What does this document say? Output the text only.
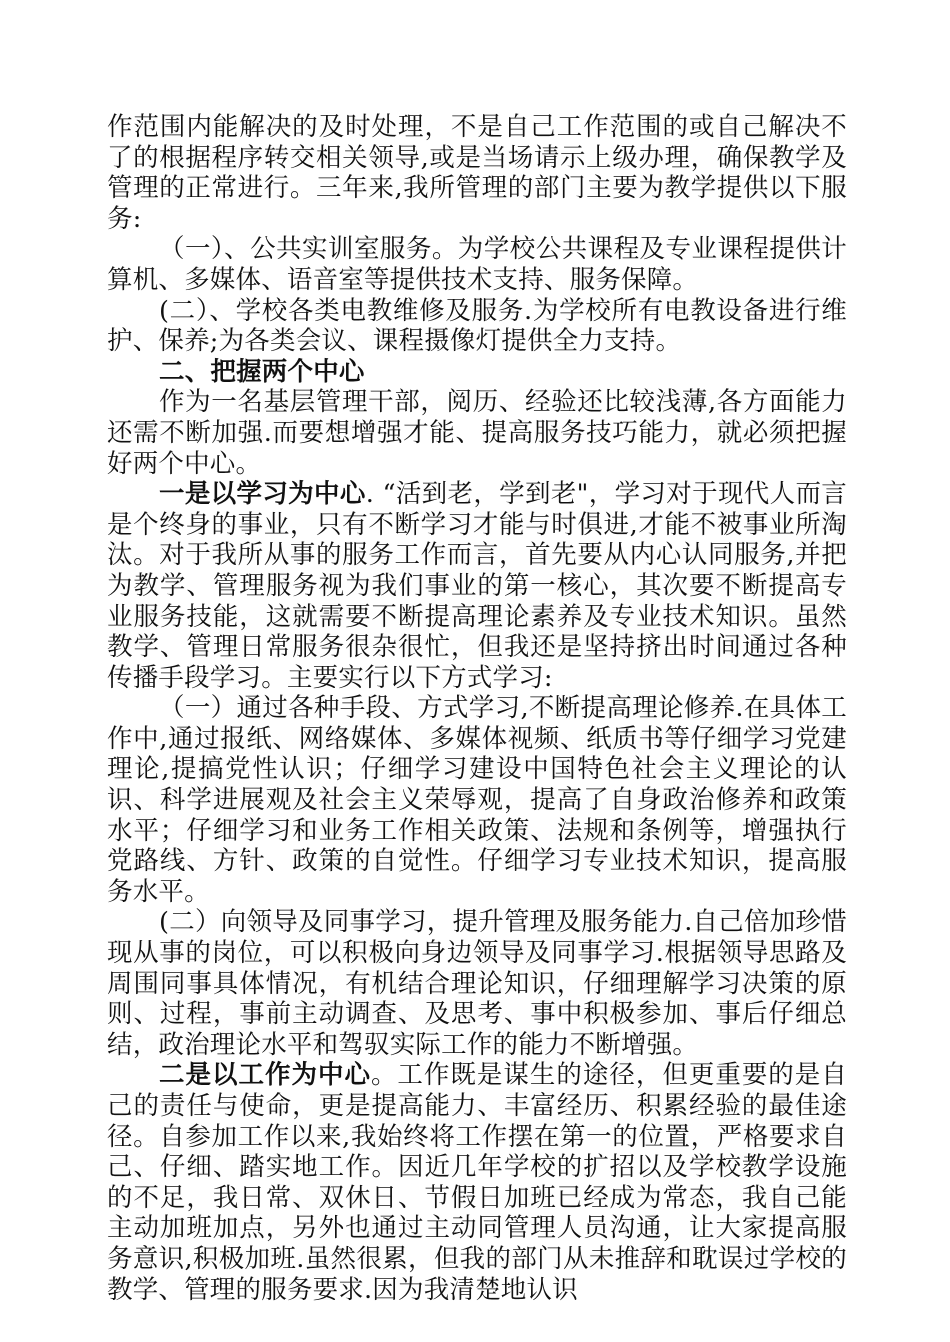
作范围内能解决的及时处理，不是自己工作范围的或自己解决不了的根据程序转交相关领导,或是当场请示上级办理，确保教学及管理的正常进行。三年来,我所管理的部门主要为教学提供以下服务:

（一）、公共实训室服务。为学校公共课程及专业课程提供计算机、多媒体、语音室等提供技术支持、服务保障。

(二）、学校各类电教维修及服务.为学校所有电教设备进行维护、保养;为各类会议、课程摄像灯提供全力支持。

二、把握两个中心

作为一名基层管理干部，阅历、经验还比较浅薄,各方面能力还需不断加强.而要想增强才能、提高服务技巧能力，就必须把握好两个中心。

一是以学习为中心. “活到老，学到老"，学习对于现代人而言是个终身的事业，只有不断学习才能与时俱进,才能不被事业所淘汰。对于我所从事的服务工作而言，首先要从内心认同服务,并把为教学、管理服务视为我们事业的第一核心，其次要不断提高专业服务技能，这就需要不断提高理论素养及专业技术知识。虽然教学、管理日常服务很杂很忙，但我还是坚持挤出时间通过各种传播手段学习。主要实行以下方式学习:

（一）通过各种手段、方式学习,不断提高理论修养.在具体工作中,通过报纸、网络媒体、多媒体视频、纸质书等仔细学习党建理论,提搞党性认识；仔细学习建设中国特色社会主义理论的认识、科学进展观及社会主义荣辱观，提高了自身政治修养和政策水平；仔细学习和业务工作相关政策、法规和条例等，增强执行党路线、方针、政策的自觉性。仔细学习专业技术知识，提高服务水平。

(二）向领导及同事学习，提升管理及服务能力.自己倍加珍惜现从事的岗位，可以积极向身边领导及同事学习.根据领导思路及周围同事具体情况，有机结合理论知识，仔细理解学习决策的原则、过程，事前主动调查、及思考、事中积极参加、事后仔细总结，政治理论水平和驾驭实际工作的能力不断增强。

二是以工作为中心。工作既是谋生的途径，但更重要的是自己的责任与使命，更是提高能力、丰富经历、积累经验的最佳途径。自参加工作以来,我始终将工作摆在第一的位置，严格要求自己、仔细、踏实地工作。因近几年学校的扩招以及学校教学设施的不足，我日常、双休日、节假日加班已经成为常态，我自己能主动加班加点，另外也通过主动同管理人员沟通，让大家提高服务意识,积极加班.虽然很累，但我的部门从未推辞和耽误过学校的教学、管理的服务要求.因为我清楚地认识
